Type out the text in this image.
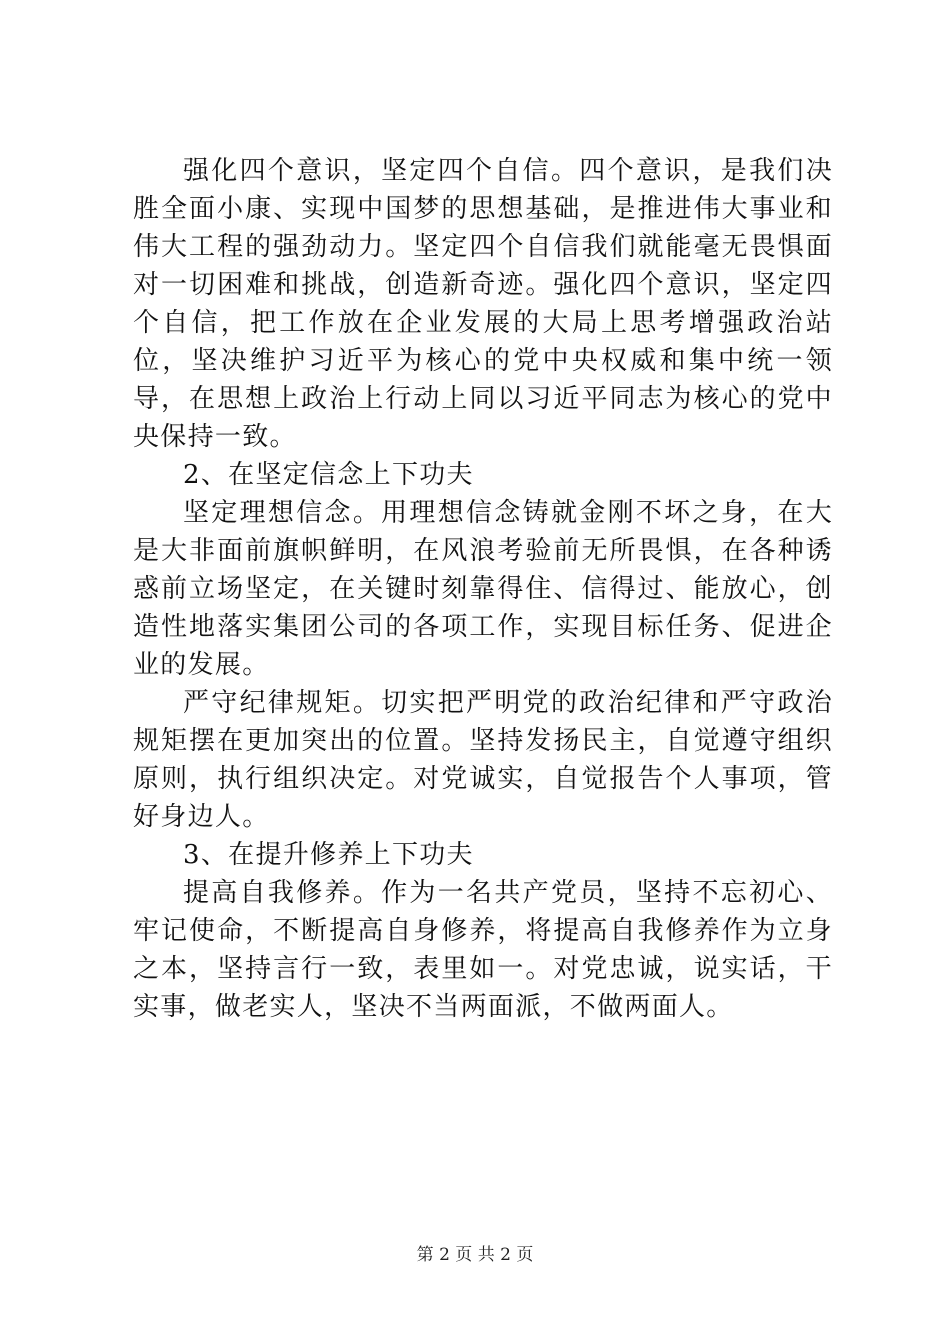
强化四个意识，坚定四个自信。四个意识，是我们决胜全面小康、实现中国梦的思想基础，是推进伟大事业和伟大工程的强劲动力。坚定四个自信我们就能毫无畏惧面对一切困难和挑战，创造新奇迹。强化四个意识，坚定四个自信，把工作放在企业发展的大局上思考增强政治站位，坚决维护习近平为核心的党中央权威和集中统一领导，在思想上政治上行动上同以习近平同志为核心的党中央保持一致。

2、在坚定信念上下功夫

坚定理想信念。用理想信念铸就金刚不坏之身，在大是大非面前旗帜鲜明，在风浪考验前无所畏惧，在各种诱惑前立场坚定，在关键时刻靠得住、信得过、能放心，创造性地落实集团公司的各项工作，实现目标任务、促进企业的发展。

严守纪律规矩。切实把严明党的政治纪律和严守政治规矩摆在更加突出的位置。坚持发扬民主，自觉遵守组织原则，执行组织决定。对党诚实，自觉报告个人事项，管好身边人。

3、在提升修养上下功夫

提高自我修养。作为一名共产党员，坚持不忘初心、牢记使命，不断提高自身修养，将提高自我修养作为立身之本，坚持言行一致，表里如一。对党忠诚，说实话，干实事，做老实人，坚决不当两面派，不做两面人。

第 2 页 共 2 页
